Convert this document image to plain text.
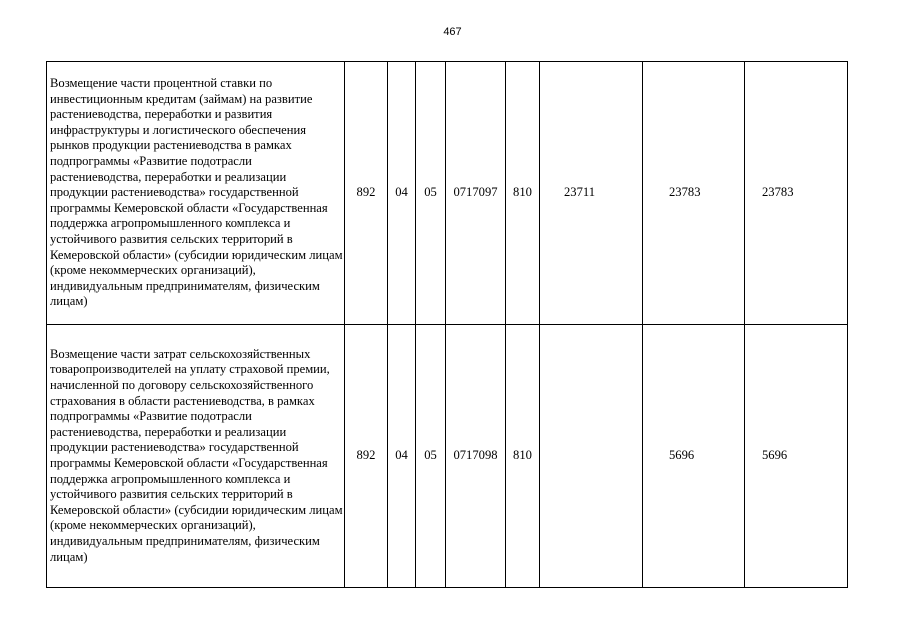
467
Возмещение части процентной ставки по инвестиционным кредитам (займам) на развитие растениеводства, переработки и развития инфраструктуры и логистического обеспечения рынков продукции растениеводства в рамках подпрограммы «Развитие подотрасли растениеводства, переработки и реализации продукции растениеводства» государственной программы Кемеровской области «Государственная поддержка агропромышленного комплекса и устойчивого развития сельских территорий в Кемеровской области» (субсидии юридическим лицам (кроме некоммерческих организаций), индивидуальным предпринимателям, физическим лицам)	892	04	05	0717097	810	23711	23783	23783
Возмещение части затрат сельскохозяйственных товаропроизводителей на уплату страховой премии, начисленной по договору сельскохозяйственного страхования в области растениеводства, в рамках подпрограммы «Развитие подотрасли растениеводства, переработки и реализации продукции растениеводства» государственной программы Кемеровской области «Государственная поддержка агропромышленного комплекса и устойчивого развития сельских территорий в Кемеровской области» (субсидии юридическим лицам (кроме некоммерческих организаций), индивидуальным предпринимателям, физическим лицам)	892	04	05	0717098	810		5696	5696
